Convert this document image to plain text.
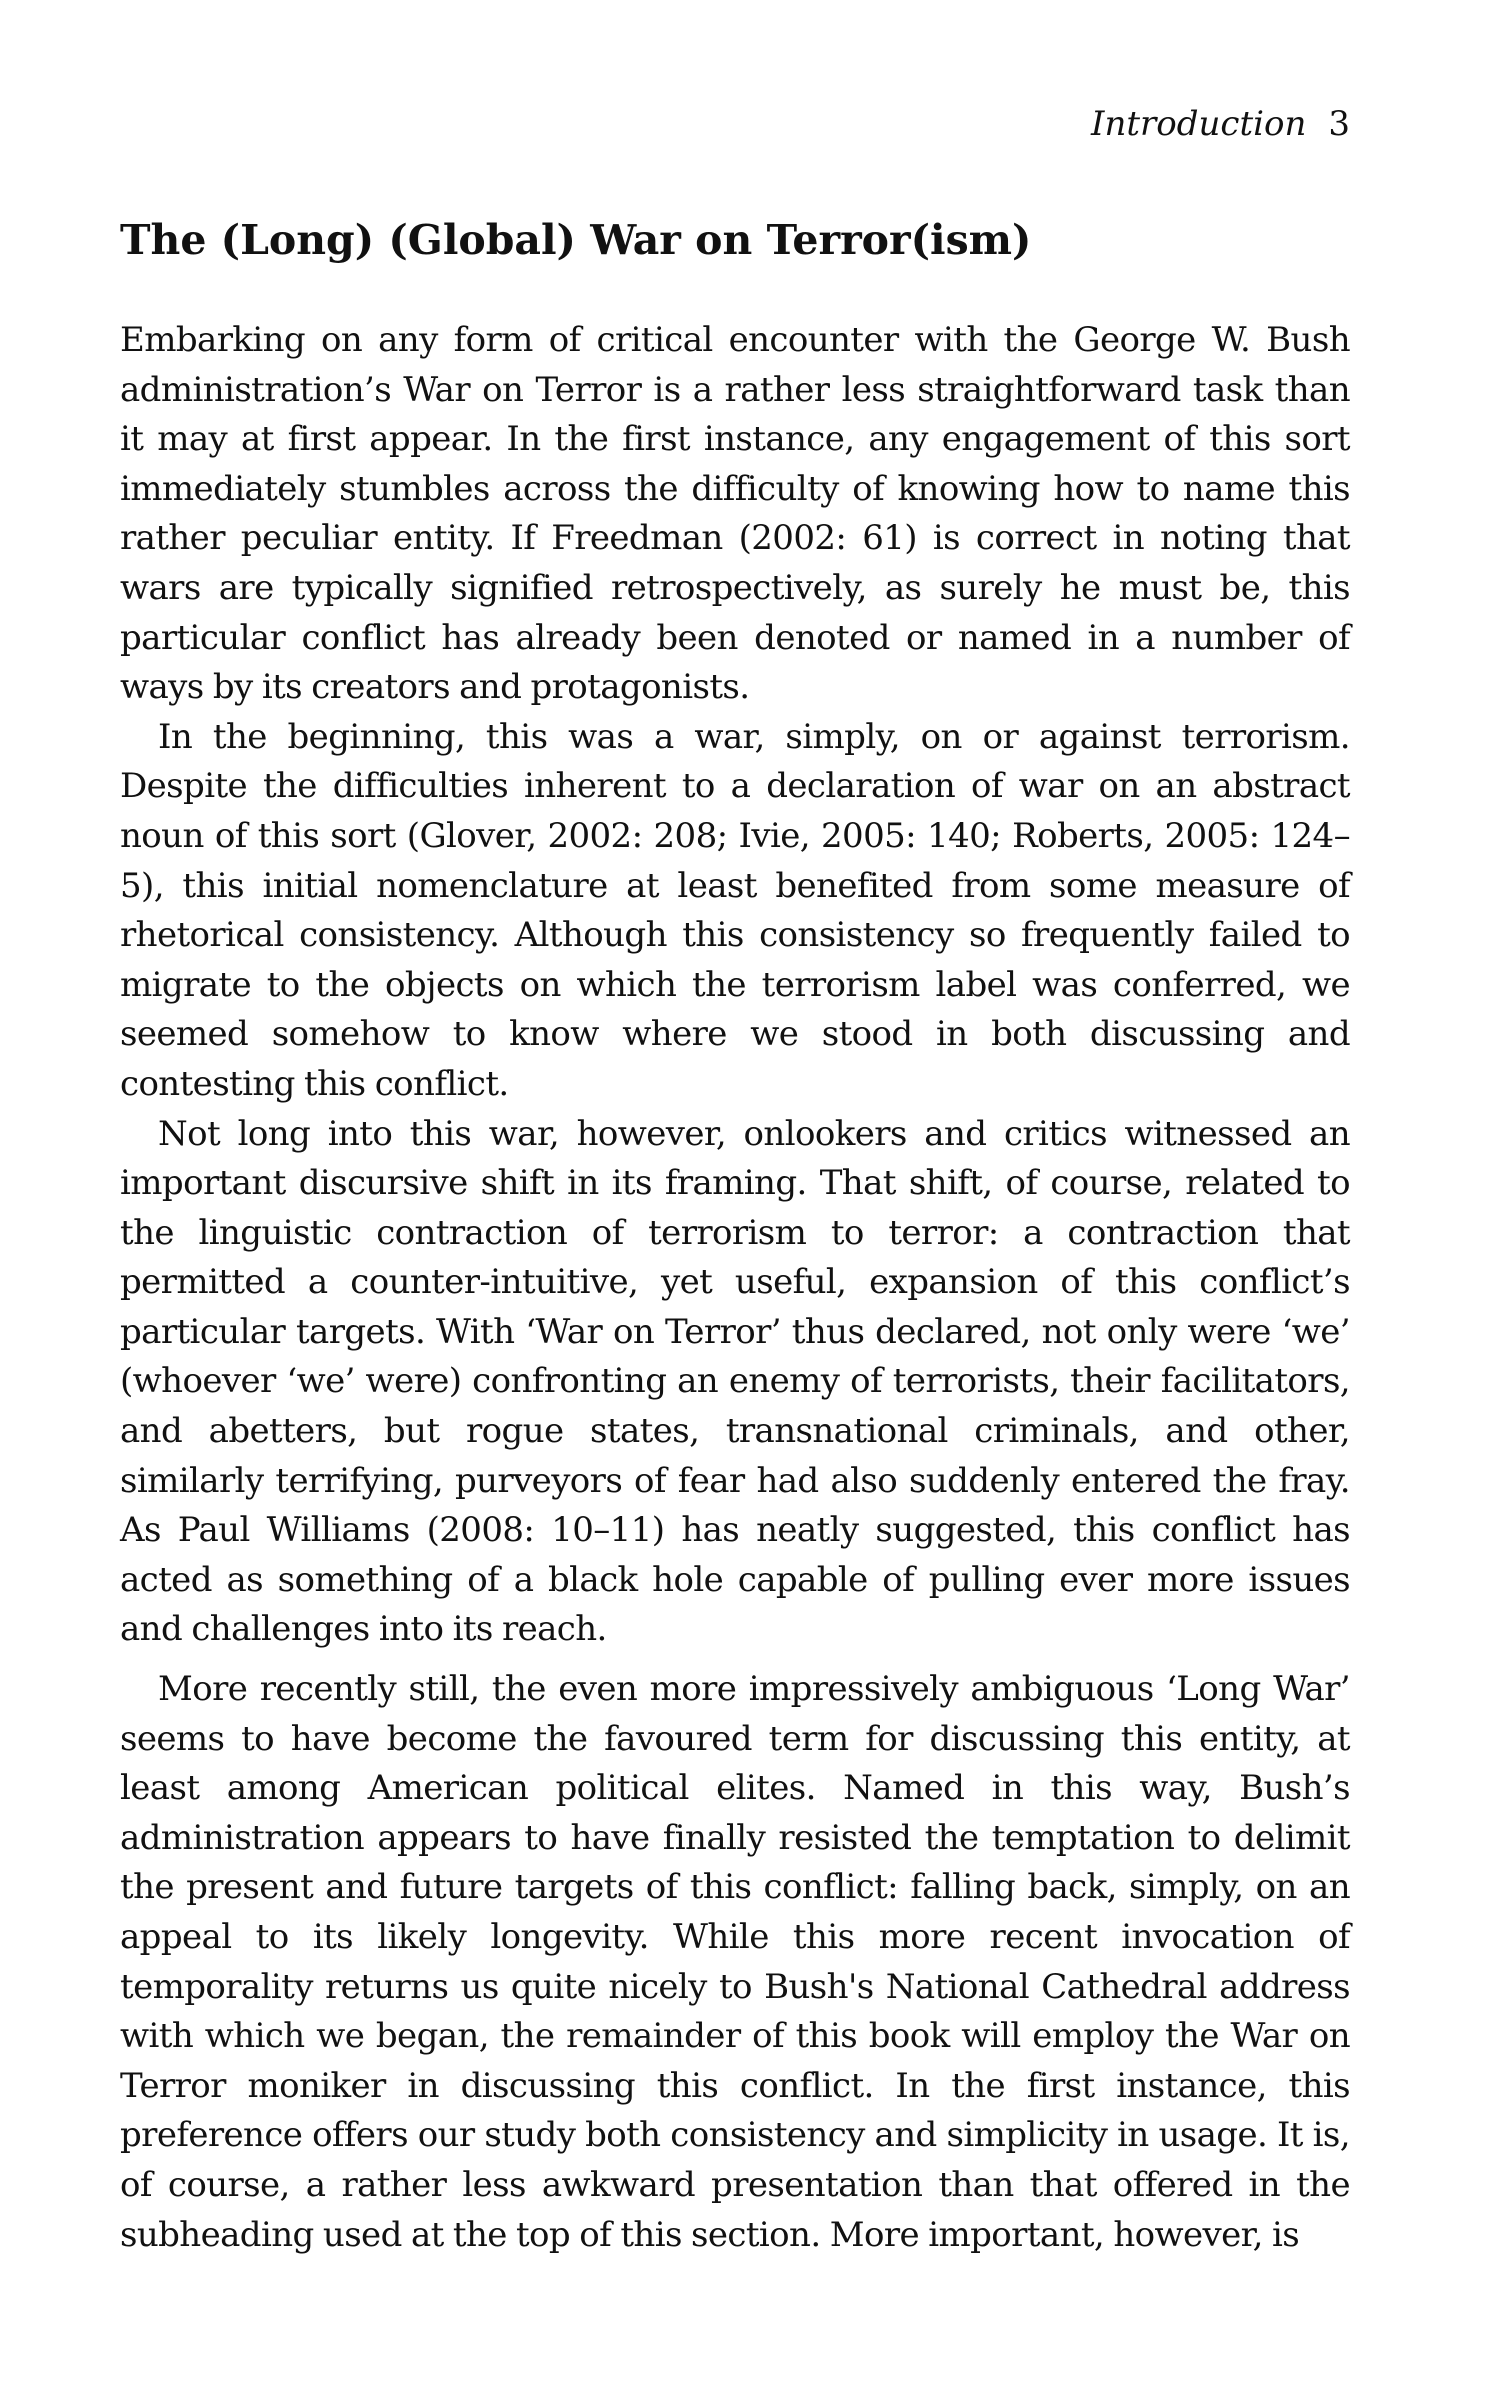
Introduction 3
The (Long) (Global) War on Terror(ism)

Embarking on any form of critical encounter with the George W. Bush administration’s War on Terror is a rather less straightforward task than it may at first appear. In the first instance, any engagement of this sort immediately stumbles across the difficulty of knowing how to name this rather peculiar entity. If Freedman (2002: 61) is correct in noting that wars are typically signified retrospectively, as surely he must be, this particular conflict has already been denoted or named in a number of ways by its creators and protagonists.

In the beginning, this was a war, simply, on or against terrorism. Despite the difficulties inherent to a declaration of war on an abstract noun of this sort (Glover, 2002: 208; Ivie, 2005: 140; Roberts, 2005: 124–5), this initial nomenclature at least benefited from some measure of rhetorical consistency. Although this consistency so frequently failed to migrate to the objects on which the terrorism label was conferred, we seemed somehow to know where we stood in both discussing and contesting this conflict.

Not long into this war, however, onlookers and critics witnessed an important discursive shift in its framing. That shift, of course, related to the linguistic contraction of terrorism to terror: a contraction that permitted a counter-intuitive, yet useful, expansion of this conflict’s particular targets. With ‘War on Terror’ thus declared, not only were ‘we’ (whoever ‘we’ were) confronting an enemy of terrorists, their facilitators, and abetters, but rogue states, transnational criminals, and other, similarly terrifying, purveyors of fear had also suddenly entered the fray. As Paul Williams (2008: 10–11) has neatly suggested, this conflict has acted as something of a black hole capable of pulling ever more issues and challenges into its reach.

More recently still, the even more impressively ambiguous ‘Long War’ seems to have become the favoured term for discussing this entity, at least among American political elites. Named in this way, Bush’s administration appears to have finally resisted the temptation to delimit the present and future targets of this conflict: falling back, simply, on an appeal to its likely longevity. While this more recent invocation of temporality returns us quite nicely to Bush's National Cathedral address with which we began, the remainder of this book will employ the War on Terror moniker in discussing this conflict. In the first instance, this preference offers our study both consistency and simplicity in usage. It is, of course, a rather less awkward presentation than that offered in the subheading used at the top of this section. More important, however, is
